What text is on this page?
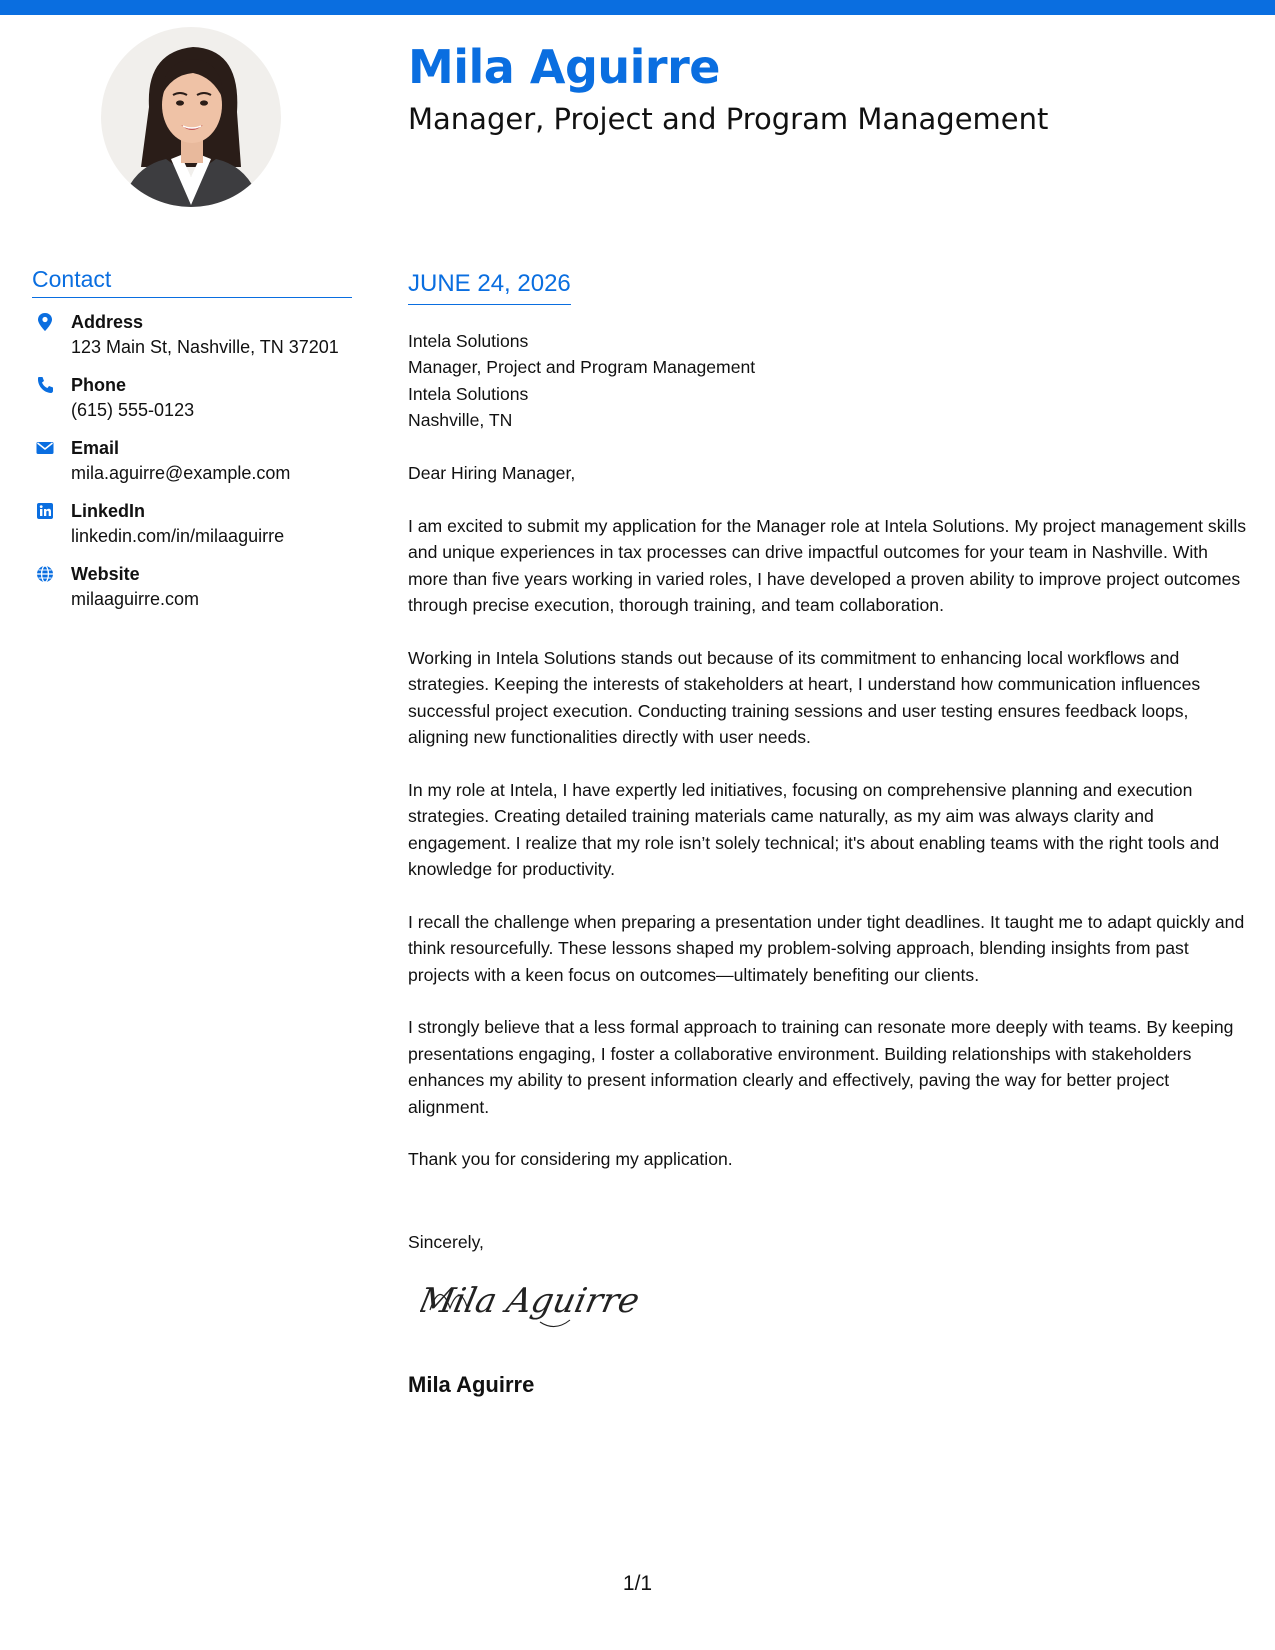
Mila Aguirre
Manager, Project and Program Management
Contact
Address
123 Main St, Nashville, TN 37201
Phone
(615) 555-0123
Email
mila.aguirre@example.com
LinkedIn
linkedin.com/in/milaaguirre
Website
milaaguirre.com
JUNE 24, 2026
Intela Solutions
Manager, Project and Program Management
Intela Solutions
Nashville, TN

Dear Hiring Manager,

I am excited to submit my application for the Manager role at Intela Solutions. My project management skills and unique experiences in tax processes can drive impactful outcomes for your team in Nashville. With more than five years working in varied roles, I have developed a proven ability to improve project outcomes through precise execution, thorough training, and team collaboration.

Working in Intela Solutions stands out because of its commitment to enhancing local workflows and strategies. Keeping the interests of stakeholders at heart, I understand how communication influences successful project execution. Conducting training sessions and user testing ensures feedback loops, aligning new functionalities directly with user needs.

In my role at Intela, I have expertly led initiatives, focusing on comprehensive planning and execution strategies. Creating detailed training materials came naturally, as my aim was always clarity and engagement. I realize that my role isn’t solely technical; it's about enabling teams with the right tools and knowledge for productivity.

I recall the challenge when preparing a presentation under tight deadlines. It taught me to adapt quickly and think resourcefully. These lessons shaped my problem-solving approach, blending insights from past projects with a keen focus on outcomes—ultimately benefiting our clients.

I strongly believe that a less formal approach to training can resonate more deeply with teams. By keeping presentations engaging, I foster a collaborative environment. Building relationships with stakeholders enhances my ability to present information clearly and effectively, paving the way for better project alignment.

Thank you for considering my application.

Sincerely,
Mila Aguirre
Mila Aguirre
1/1
